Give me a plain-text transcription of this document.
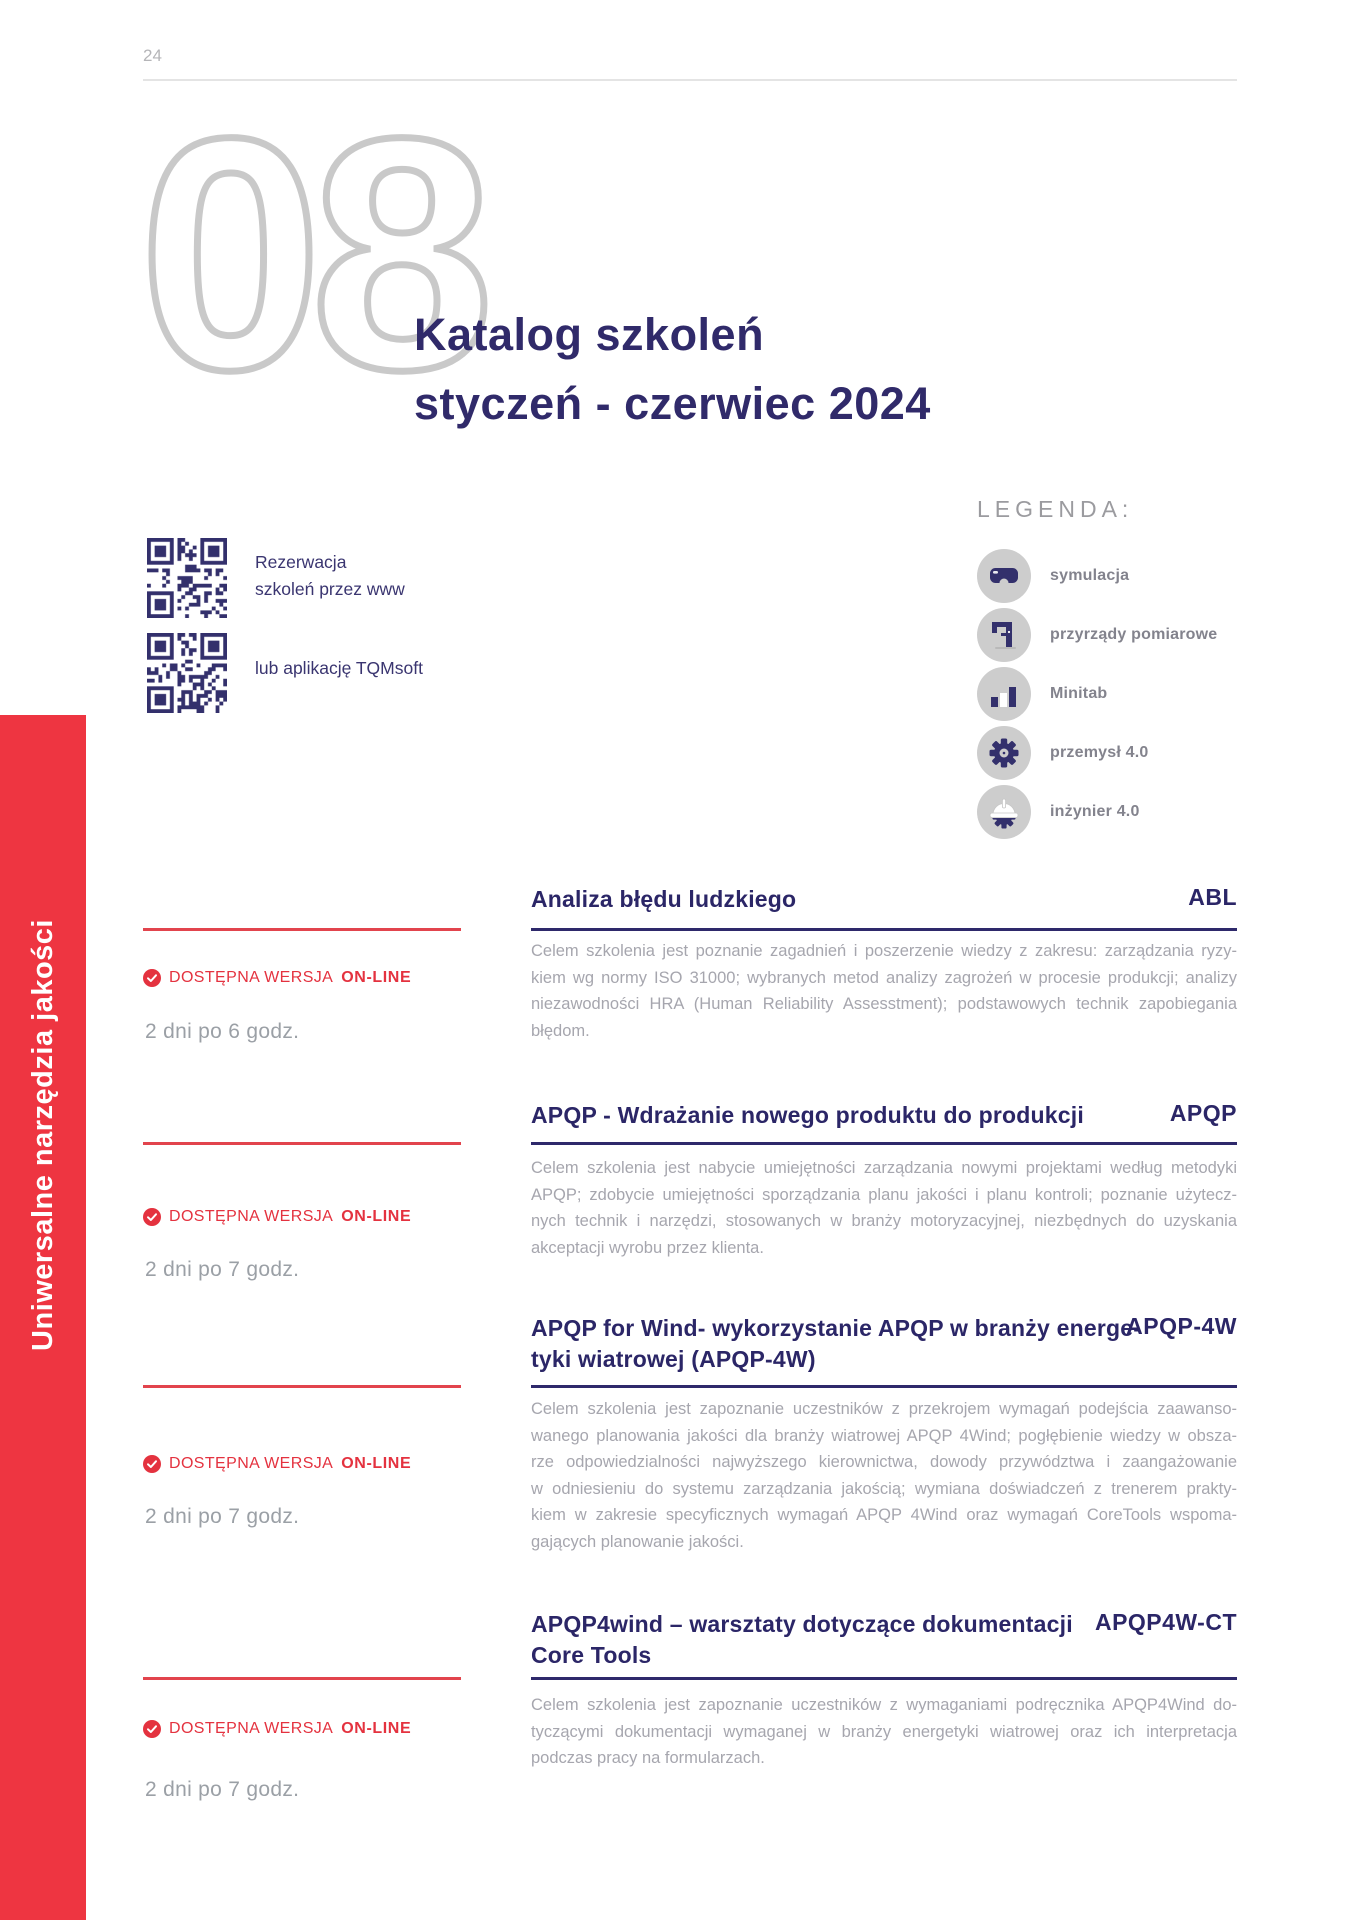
24
08
Katalog szkoleń
styczeń - czerwiec 2024
Rezerwacja
szkoleń przez www
lub aplikację TQMsoft
LEGENDA:
symulacja
przyrządy pomiarowe
Minitab
przemysł 4.0
inżynier 4.0
Uniwersalne narzędzia jakości
Analiza błędu ludzkiego	ABL
Celem szkolenia jest poznanie zagadnień i poszerzenie wiedzy z zakresu: zarządzania ryzy-
kiem wg normy ISO 31000; wybranych metod analizy zagrożeń w procesie produkcji; analizy
niezawodności HRA (Human Reliability Assesstment); podstawowych technik zapobiegania
błędom.
DOSTĘPNA WERSJA ON-LINE
2 dni po 6 godz.
APQP - Wdrażanie nowego produktu do produkcji	APQP
Celem szkolenia jest nabycie umiejętności zarządzania nowymi projektami według metodyki
APQP; zdobycie umiejętności sporządzania planu jakości i planu kontroli; poznanie użytecz-
nych technik i narzędzi, stosowanych w branży motoryzacyjnej, niezbędnych do uzyskania
akceptacji wyrobu przez klienta.
DOSTĘPNA WERSJA ON-LINE
2 dni po 7 godz.
APQP for Wind- wykorzystanie APQP w branży energe-
tyki wiatrowej (APQP-4W)
APQP-4W
Celem szkolenia jest zapoznanie uczestników z przekrojem wymagań podejścia zaawanso-
wanego planowania jakości dla branży wiatrowej APQP 4Wind; pogłębienie wiedzy w obsza-
rze odpowiedzialności najwyższego kierownictwa, dowody przywództwa i zaangażowanie
w odniesieniu do systemu zarządzania jakością; wymiana doświadczeń z trenerem prakty-
kiem w zakresie specyficznych wymagań APQP 4Wind oraz wymagań CoreTools wspoma-
gających planowanie jakości.
DOSTĘPNA WERSJA ON-LINE
2 dni po 7 godz.
APQP4wind – warsztaty dotyczące dokumentacji
Core Tools
APQP4W-CT
Celem szkolenia jest zapoznanie uczestników z wymaganiami podręcznika APQP4Wind do-
tyczącymi dokumentacji wymaganej w branży energetyki wiatrowej oraz ich interpretacja
podczas pracy na formularzach.
DOSTĘPNA WERSJA ON-LINE
2 dni po 7 godz.
